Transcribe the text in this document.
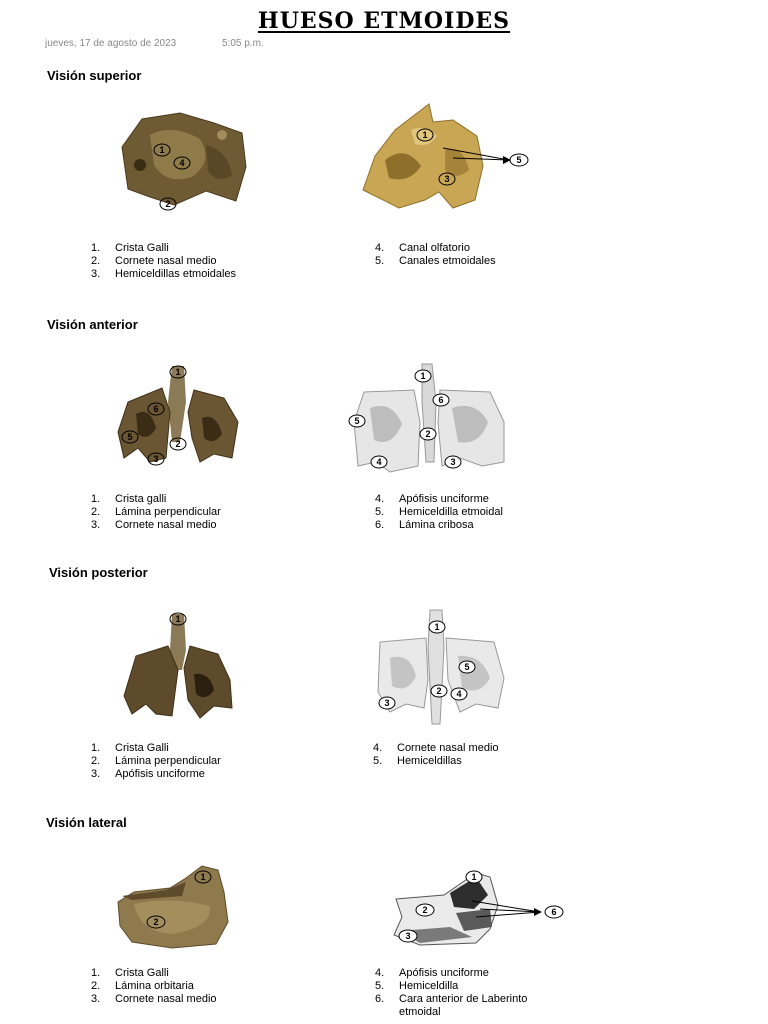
HUESO ETMOIDES
jueves, 17 de agosto de 2023	5:05 p.m.
Visión superior
1
4
2
1
5
3
1.	Crista Galli
2.	Cornete nasal medio
3.	Hemiceldillas etmoidales
4.	Canal olfatorio
5.	Canales etmoidales
Visión anterior
1
6
5
2
3
1
6
5
2
4	3
1.	Crista galli
2.	Lámina perpendicular
3.	Cornete nasal medio
4.	Apófisis unciforme
5.	Hemiceldilla etmoidal
6.	Lámina cribosa
Visión posterior
1
1
5
2 4
3
1.	Crista Galli
2.	Lámina perpendicular
3.	Apófisis unciforme
4.	Cornete nasal medio
5.	Hemiceldillas
Visión lateral
1
2
1
6
2
3
1.	Crista Galli
2.	Lámina orbitaria
3.	Cornete nasal medio
4.	Apófisis unciforme
5.	Hemiceldilla
6.	Cara anterior de Laberinto etmoidal
